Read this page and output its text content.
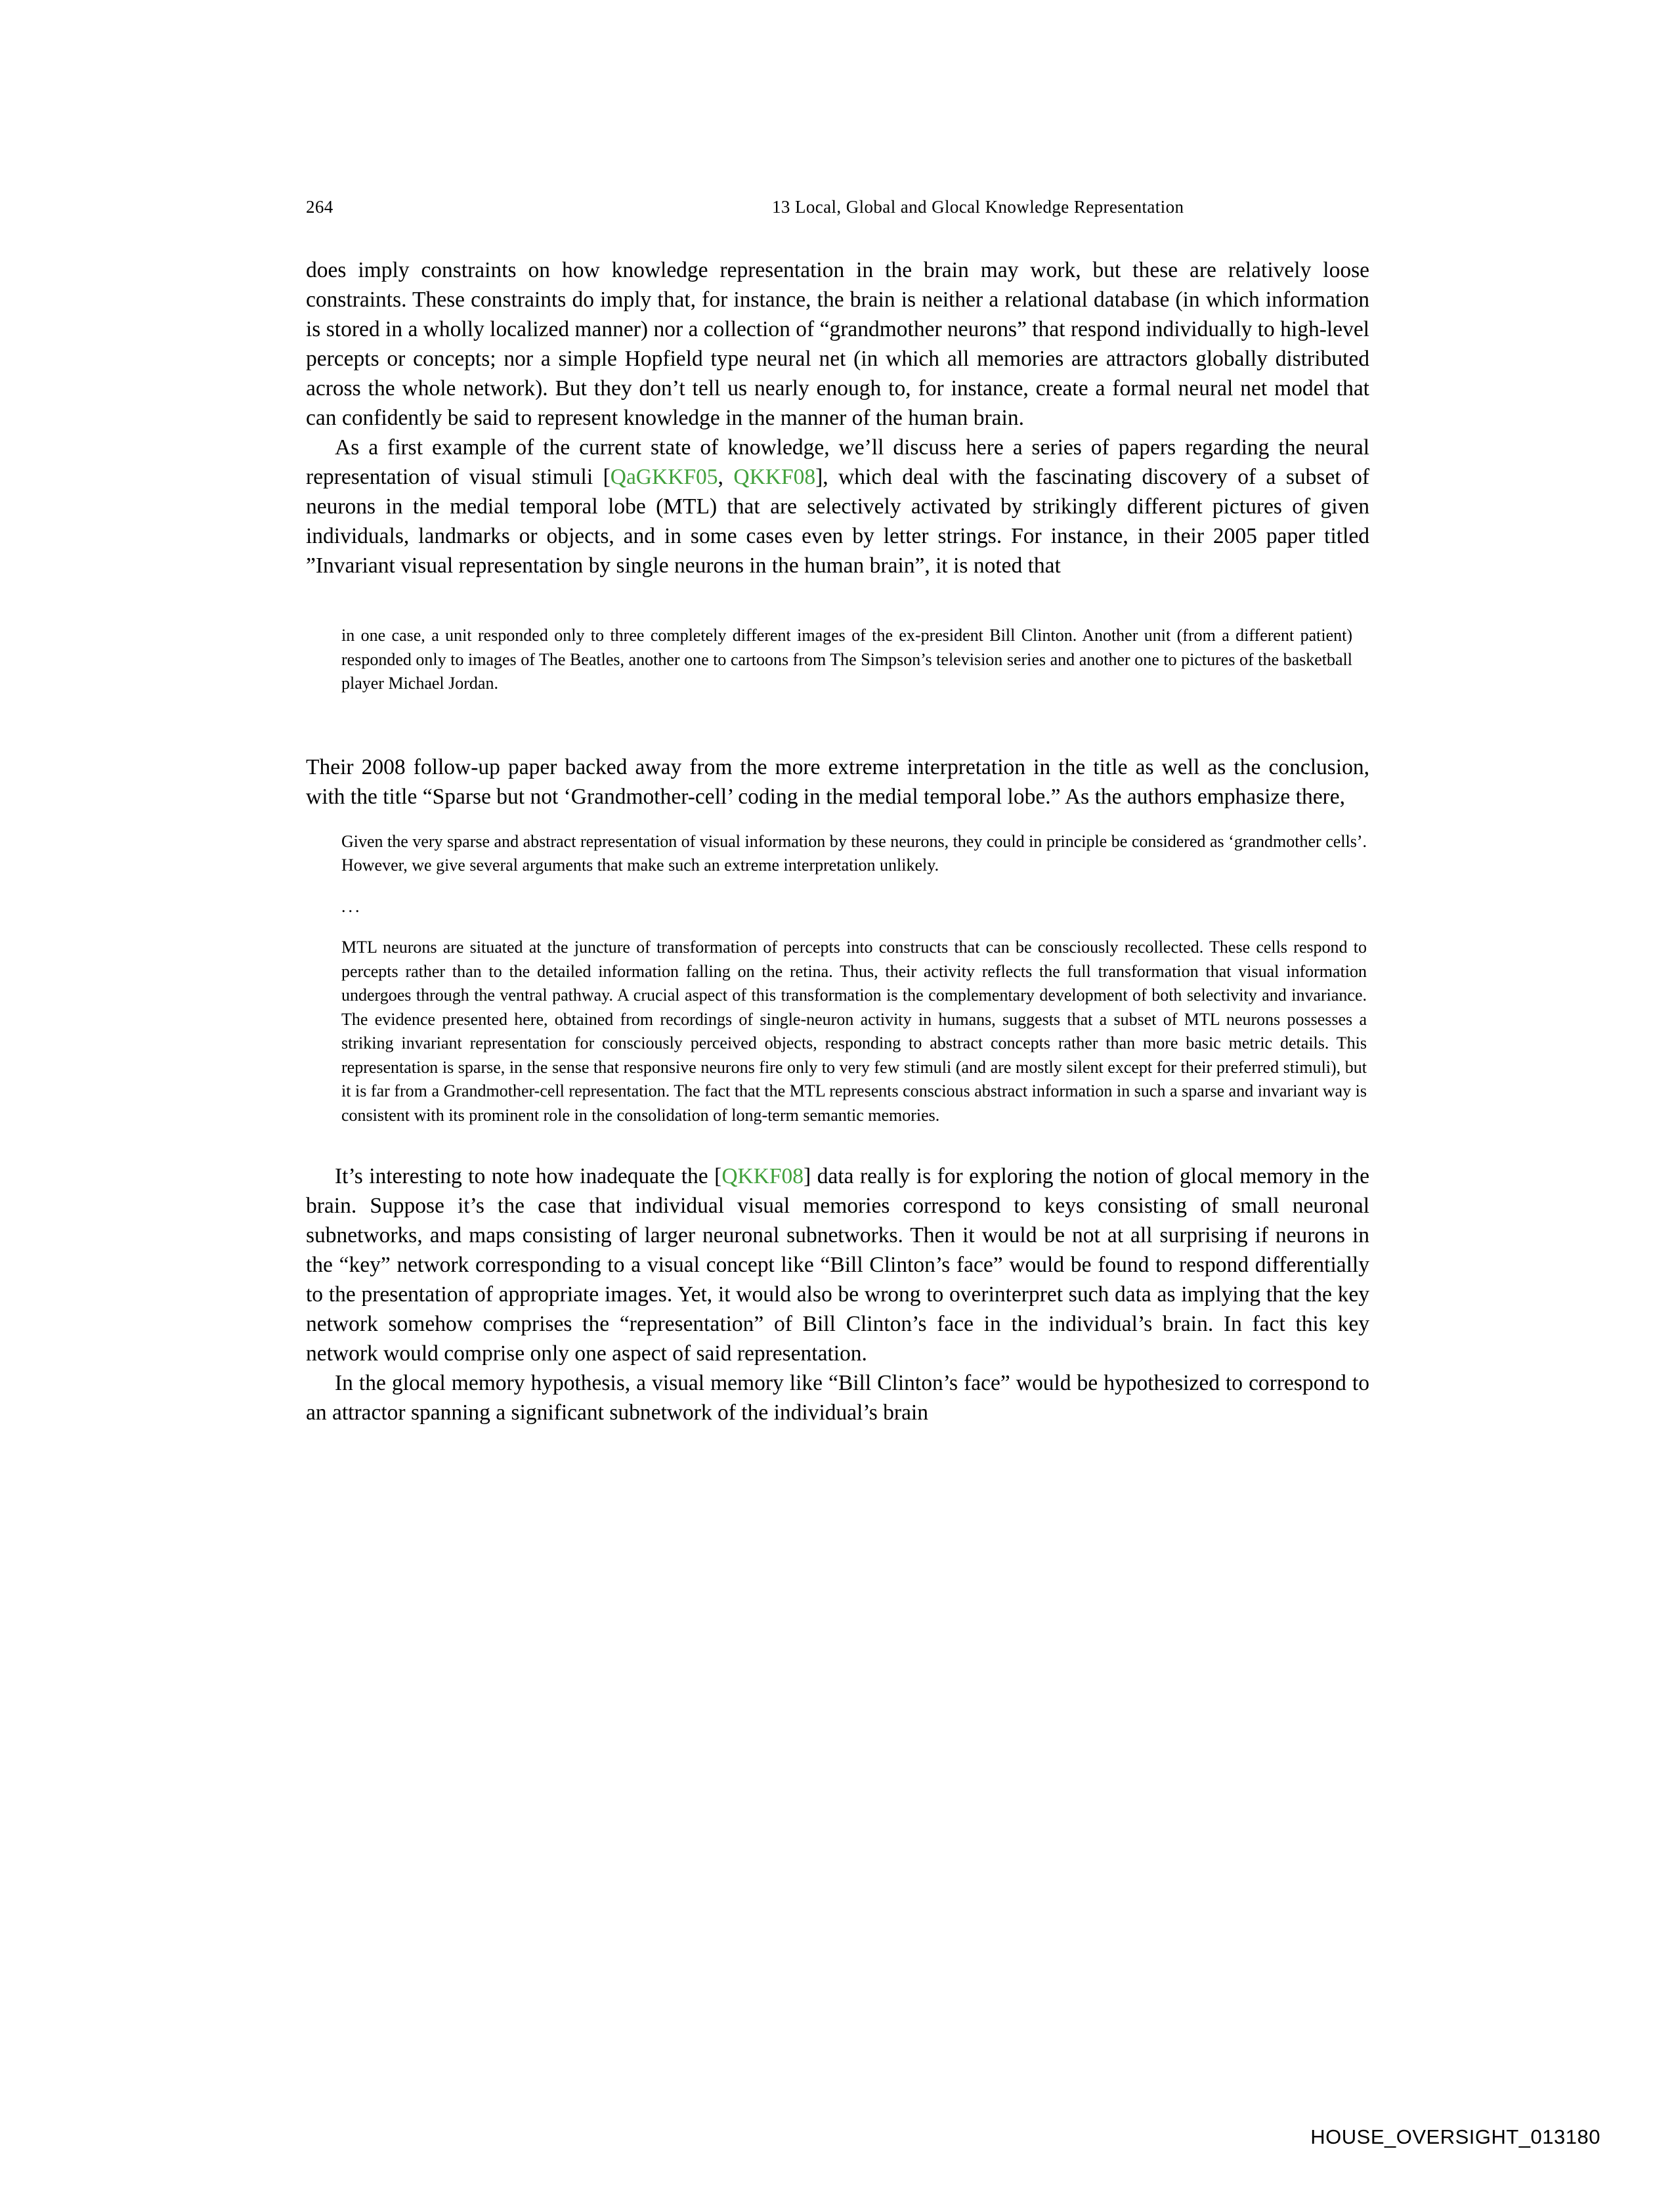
264	13 Local, Global and Glocal Knowledge Representation

does imply constraints on how knowledge representation in the brain may work, but these are relatively loose constraints. These constraints do imply that, for instance, the brain is neither a relational database (in which information is stored in a wholly localized manner) nor a collection of “grandmother neurons” that respond individually to high-level percepts or concepts; nor a simple Hopfield type neural net (in which all memories are attractors globally distributed across the whole network). But they don’t tell us nearly enough to, for instance, create a formal neural net model that can confidently be said to represent knowledge in the manner of the human brain.

As a first example of the current state of knowledge, we’ll discuss here a series of papers regarding the neural representation of visual stimuli [QaGKKF05, QKKF08], which deal with the fascinating discovery of a subset of neurons in the medial temporal lobe (MTL) that are selectively activated by strikingly different pictures of given individuals, landmarks or objects, and in some cases even by letter strings. For instance, in their 2005 paper titled ”Invariant visual representation by single neurons in the human brain”, it is noted that

in one case, a unit responded only to three completely different images of the ex-president Bill Clinton. Another unit (from a different patient) responded only to images of The Beatles, another one to cartoons from The Simpson’s television series and another one to pictures of the basketball player Michael Jordan.

Their 2008 follow-up paper backed away from the more extreme interpretation in the title as well as the conclusion, with the title “Sparse but not ‘Grandmother-cell’ coding in the medial temporal lobe.” As the authors emphasize there,

Given the very sparse and abstract representation of visual information by these neurons, they could in principle be considered as ‘grandmother cells’. However, we give several arguments that make such an extreme interpretation unlikely.

...

MTL neurons are situated at the juncture of transformation of percepts into constructs that can be consciously recollected. These cells respond to percepts rather than to the detailed information falling on the retina. Thus, their activity reflects the full transformation that visual information undergoes through the ventral pathway. A crucial aspect of this transformation is the complementary development of both selectivity and invariance. The evidence presented here, obtained from recordings of single-neuron activity in humans, suggests that a subset of MTL neurons possesses a striking invariant representation for consciously perceived objects, responding to abstract concepts rather than more basic metric details. This representation is sparse, in the sense that responsive neurons fire only to very few stimuli (and are mostly silent except for their preferred stimuli), but it is far from a Grandmother-cell representation. The fact that the MTL represents conscious abstract information in such a sparse and invariant way is consistent with its prominent role in the consolidation of long-term semantic memories.

It’s interesting to note how inadequate the [QKKF08] data really is for exploring the notion of glocal memory in the brain. Suppose it’s the case that individual visual memories correspond to keys consisting of small neuronal subnetworks, and maps consisting of larger neuronal subnetworks. Then it would be not at all surprising if neurons in the “key” network corresponding to a visual concept like “Bill Clinton’s face” would be found to respond differentially to the presentation of appropriate images. Yet, it would also be wrong to overinterpret such data as implying that the key network somehow comprises the “representation” of Bill Clinton’s face in the individual’s brain. In fact this key network would comprise only one aspect of said representation.

In the glocal memory hypothesis, a visual memory like “Bill Clinton’s face” would be hypothesized to correspond to an attractor spanning a significant subnetwork of the individual’s brain

HOUSE_OVERSIGHT_013180
